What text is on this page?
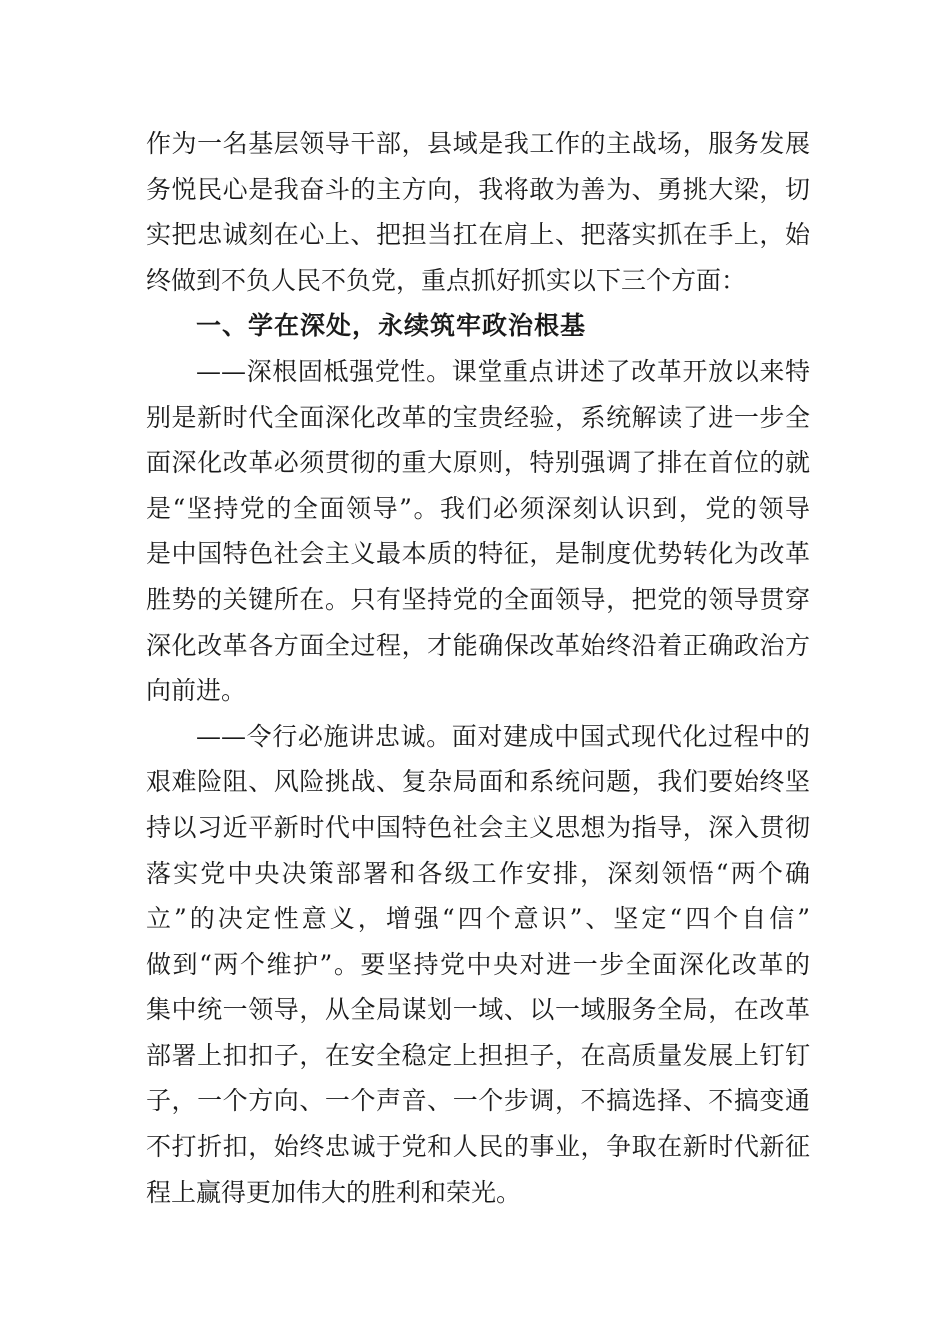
作为一名基层领导干部，县域是我工作的主战场，服务发展
务悦民心是我奋斗的主方向，我将敢为善为、勇挑大梁，切
实把忠诚刻在心上、把担当扛在肩上、把落实抓在手上，始
终做到不负人民不负党，重点抓好抓实以下三个方面：
一、学在深处，永续筑牢政治根基
——深根固柢强党性。课堂重点讲述了改革开放以来特
别是新时代全面深化改革的宝贵经验，系统解读了进一步全
面深化改革必须贯彻的重大原则，特别强调了排在首位的就
是“坚持党的全面领导”。我们必须深刻认识到，党的领导
是中国特色社会主义最本质的特征，是制度优势转化为改革
胜势的关键所在。只有坚持党的全面领导，把党的领导贯穿
深化改革各方面全过程，才能确保改革始终沿着正确政治方
向前进。
——令行必施讲忠诚。面对建成中国式现代化过程中的
艰难险阻、风险挑战、复杂局面和系统问题，我们要始终坚
持以习近平新时代中国特色社会主义思想为指导，深入贯彻
落实党中央决策部署和各级工作安排，深刻领悟“两个确
立”的决定性意义，增强“四个意识”、坚定“四个自信”
做到“两个维护”。要坚持党中央对进一步全面深化改革的
集中统一领导，从全局谋划一域、以一域服务全局，在改革
部署上扣扣子，在安全稳定上担担子，在高质量发展上钉钉
子，一个方向、一个声音、一个步调，不搞选择、不搞变通
不打折扣，始终忠诚于党和人民的事业，争取在新时代新征
程上赢得更加伟大的胜利和荣光。
